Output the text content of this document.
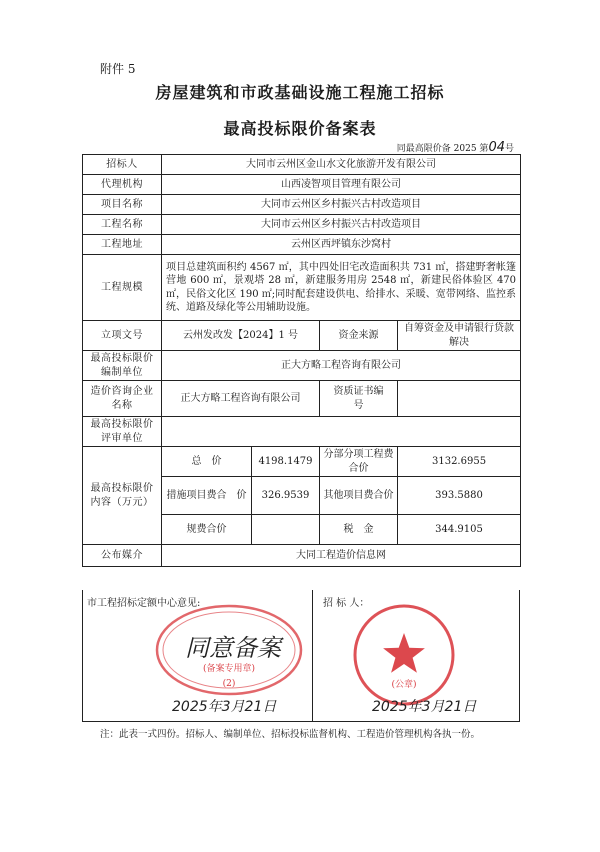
附件 5
房屋建筑和市政基础设施工程施工招标
最高投标限价备案表
同最高限价备 2025 第04号
招标人	大同市云州区金山水文化旅游开发有限公司			
代理机构	山西凌智项目管理有限公司			
项目名称	大同市云州区乡村振兴古村改造项目			
工程名称	大同市云州区乡村振兴古村改造项目			
工程地址	云州区西坪镇东沙窝村			
工程规模	项目总建筑面积约 4567 ㎡，其中四处旧宅改造面积共 731 ㎡，搭建野奢帐篷营地 600 ㎡，景观塔 28 ㎡，新建服务用房 2548 ㎡，新建民俗体验区 470 ㎡，民俗文化区 190 ㎡;同时配套建设供电、给排水、采暖、宽带网络、监控系统、道路及绿化等公用辅助设施。			
立项文号	云州发改发【2024】1 号		资金来源	自筹资金及申请银行贷款解决
最高投标限价编制单位	正大方略工程咨询有限公司			
造价咨询企业名称	正大方略工程咨询有限公司		资质证书编　　号	
最高投标限价评审单位				
最高投标限价内容（万元）	总　价	4198.1479	分部分项工程费合价	3132.6955
	措施项目费合　价	326.9539	其他项目费合价	393.5880
	规费合价		税　金	344.9105
公布媒介	大同工程造价信息网			
市工程招标定额中心意见:	招 标 人：
(备案专用章)
(2)
同意备案
2025年3月21日
(公章)
2025年3月21日
注：此表一式四份。招标人、编制单位、招标投标监督机构、工程造价管理机构各执一份。
